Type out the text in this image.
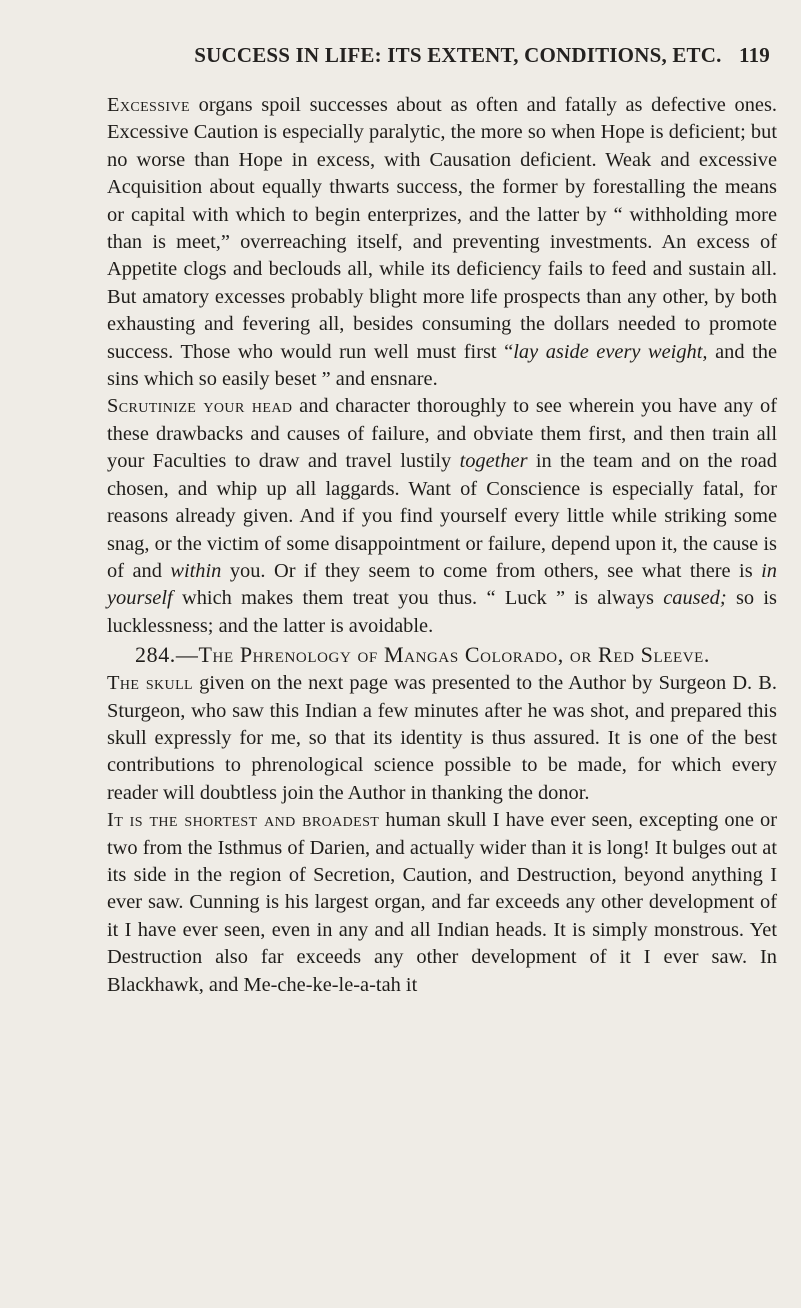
SUCCESS IN LIFE: ITS EXTENT, CONDITIONS, ETC. 119

Excessive organs spoil successes about as often and fatally as defective ones. Excessive Caution is especially paralytic, the more so when Hope is deficient; but no worse than Hope in excess, with Causation deficient. Weak and excessive Acquisition about equally thwarts success, the former by forestalling the means or capital with which to begin enterprizes, and the latter by “ withholding more than is meet,” overreaching itself, and preventing investments. An excess of Appetite clogs and beclouds all, while its deficiency fails to feed and sustain all. But amatory excesses probably blight more life prospects than any other, by both exhausting and fevering all, besides consuming the dollars needed to promote success. Those who would run well must first “lay aside every weight, and the sins which so easily beset ” and ensnare.

Scrutinize your head and character thoroughly to see wherein you have any of these drawbacks and causes of failure, and obviate them first, and then train all your Faculties to draw and travel lustily together in the team and on the road chosen, and whip up all laggards. Want of Conscience is especially fatal, for reasons already given. And if you find yourself every little while striking some snag, or the victim of some disappointment or failure, depend upon it, the cause is of and within you. Or if they seem to come from others, see what there is in yourself which makes them treat you thus. “ Luck ” is always caused; so is lucklessness; and the latter is avoidable.

284.—The Phrenology of Mangas Colorado, or Red Sleeve.

The skull given on the next page was presented to the Author by Surgeon D. B. Sturgeon, who saw this Indian a few minutes after he was shot, and prepared this skull expressly for me, so that its identity is thus assured. It is one of the best contributions to phrenological science possible to be made, for which every reader will doubtless join the Author in thanking the donor.

It is the shortest and broadest human skull I have ever seen, excepting one or two from the Isthmus of Darien, and actually wider than it is long! It bulges out at its side in the region of Secretion, Caution, and Destruction, beyond anything I ever saw. Cunning is his largest organ, and far exceeds any other development of it I have ever seen, even in any and all Indian heads. It is simply monstrous. Yet Destruction also far exceeds any other development of it I ever saw. In Blackhawk, and Me-che-ke-le-a-tah it
